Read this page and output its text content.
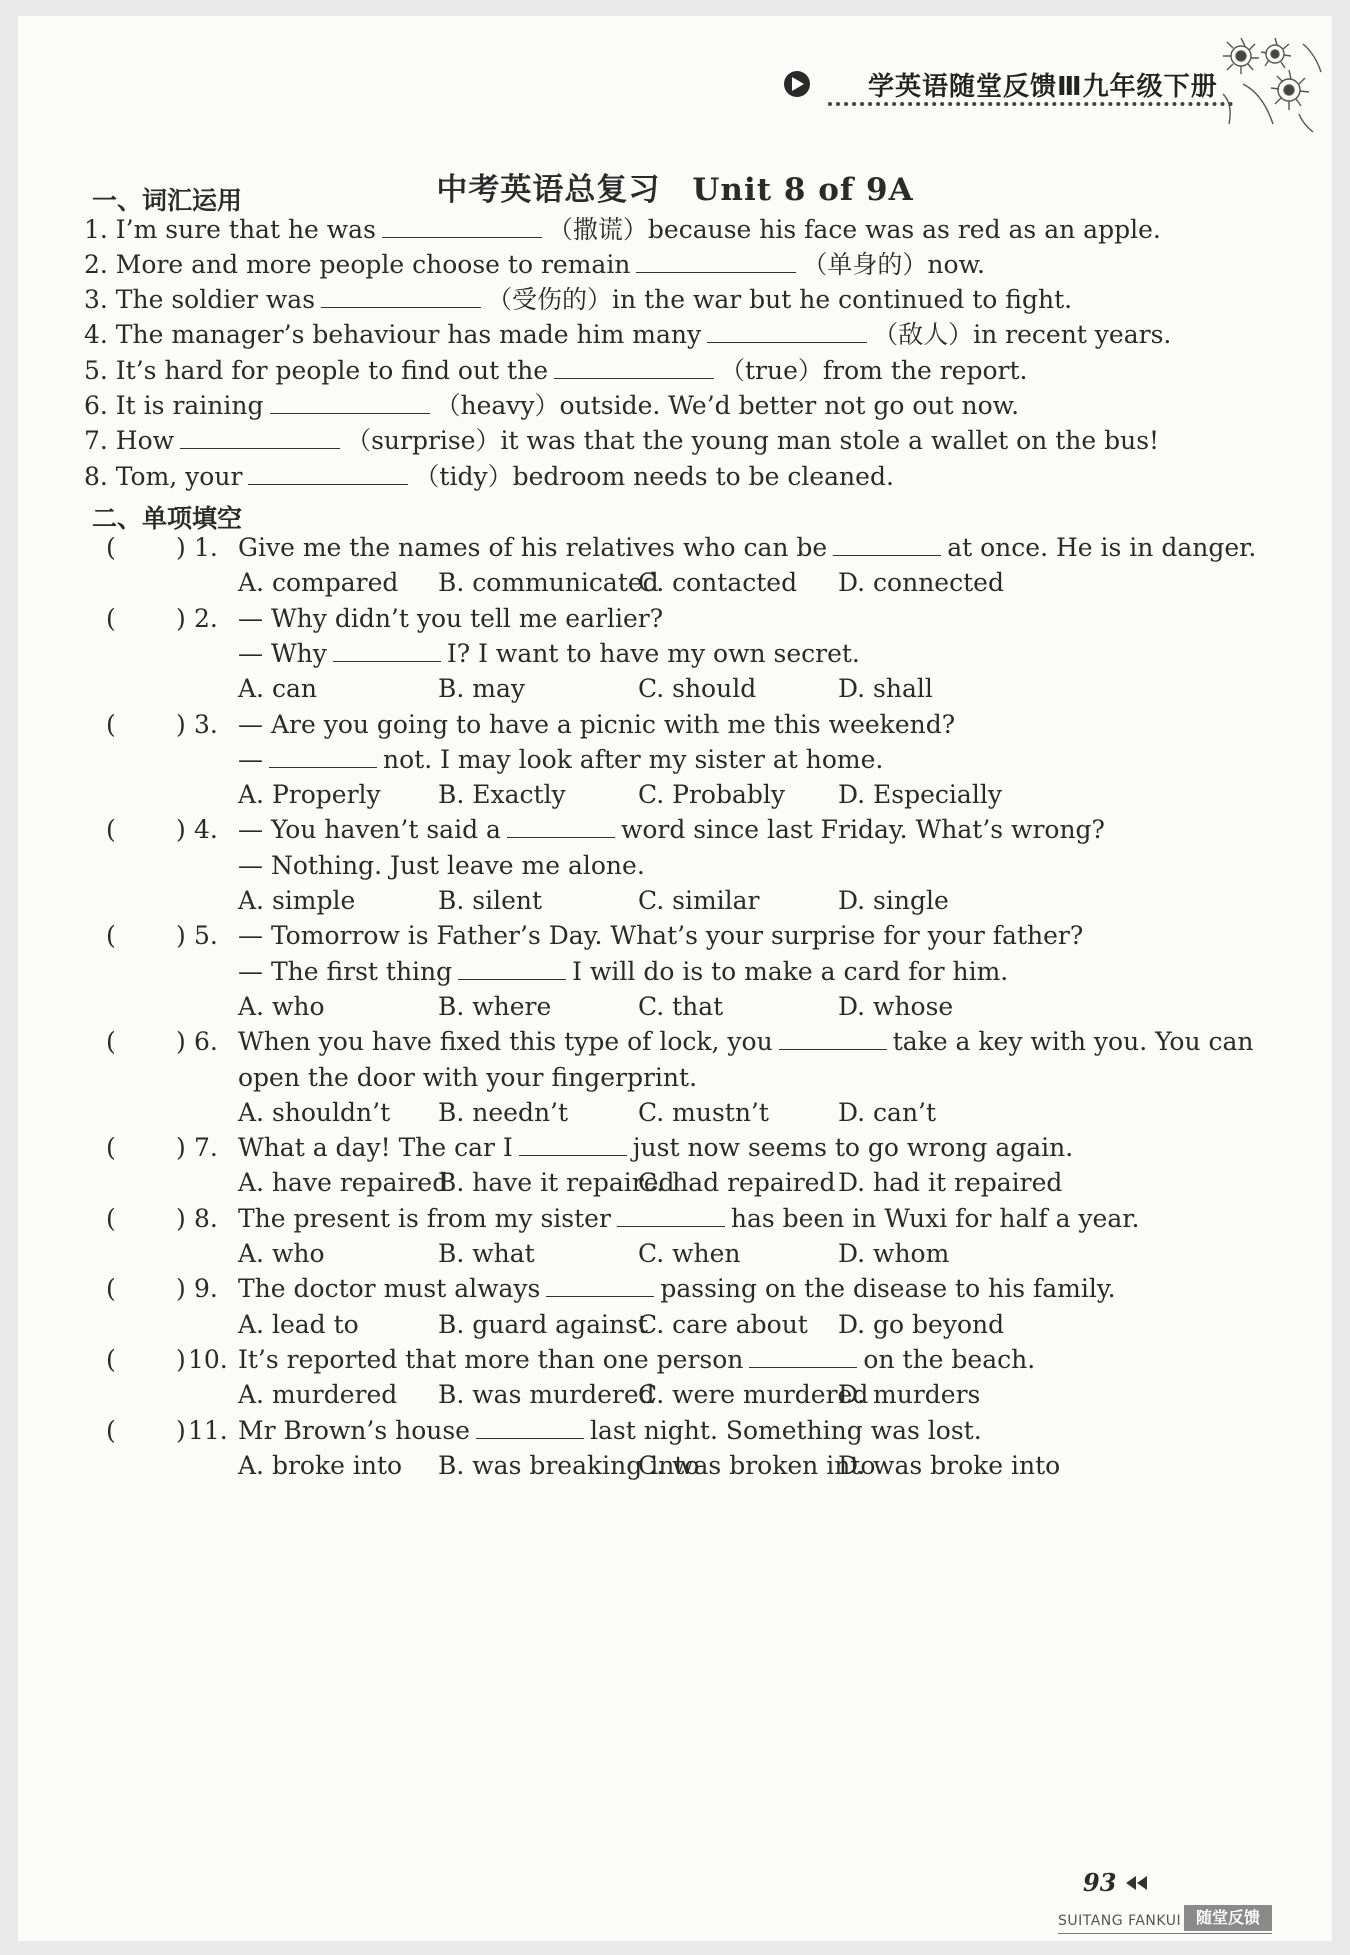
学英语随堂反馈Ⅲ九年级下册
中考英语总复习　Unit 8 of 9A
一、词汇运用
1. I’m sure that he was	（撒谎）because his face was as red as an apple.
2. More and more people choose to remain	（单身的）now.
3. The soldier was	（受伤的）in the war but he continued to fight.
4. The manager’s behaviour has made him many	（敌人）in recent years.
5. It’s hard for people to find out the	（true）from the report.
6. It is raining	（heavy）outside. We’d better not go out now.
7. How	（surprise）it was that the young man stole a wallet on the bus!
8. Tom, your	（tidy）bedroom needs to be cleaned.
二、单项填空
( ) 1. Give me the names of his relatives who can be	at once. He is in danger.
A. compared B. communicated
C. contacted D. connected
( ) 2. — Why didn’t you tell me earlier?
— Why	I? I want to have my own secret.
A. can	B. may	C. should	D. shall
( ) 3. — Are you going to have a picnic with me this weekend?
—	not. I may look after my sister at home.
A. Properly B. Exactly	C. Probably D. Especially
( ) 4. — You haven’t said a	word since last Friday. What’s wrong?
— Nothing. Just leave me alone.
A. simple	B. silent	C. similar	D. single
( ) 5. — Tomorrow is Father’s Day. What’s your surprise for your father?
— The first thing	I will do is to make a card for him.
A. who	B. where	C. that	D. whose
( ) 6. When you have fixed this type of lock, you	take a key with you. You can
open the door with your fingerprint.
A. shouldn’t B. needn’t	C. mustn’t	D. can’t
( ) 7. What a day! The car I	just now seems to go wrong again.
A. have repaired
B. have it repaired
C. had repaired D. had it repaired
( ) 8. The present is from my sister	has been in Wuxi for half a year.
A. who	B. what	C. when	D. whom
( ) 9. The doctor must always	passing on the disease to his family.
A. lead to	B. guard against
C. care about D. go beyond
( ) 10. It’s reported that more than one person	on the beach.
A. murdered B. was murdered
C. were murdered
D. murders
( ) 11. Mr Brown’s house	last night. Something was lost.
A. broke into B. was breaking into
C. was broken into
D. was broke into
93
SUITANG FANKUI 随堂反馈
